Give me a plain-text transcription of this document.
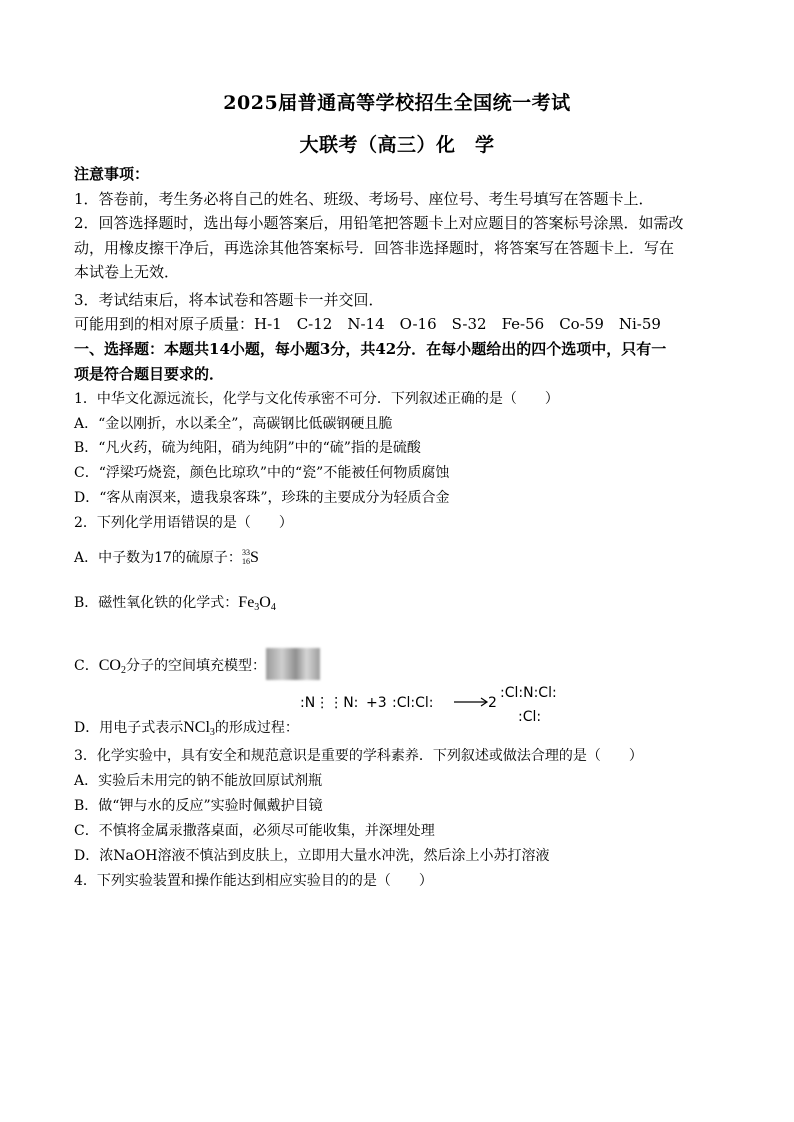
2025届普通高等学校招生全国统一考试
大联考（高三）化　学
注意事项：
1．答卷前，考生务必将自己的姓名、班级、考场号、座位号、考生号填写在答题卡上．
2．回答选择题时，选出每小题答案后，用铅笔把答题卡上对应题目的答案标号涂黑．如需改
动，用橡皮擦干净后，再选涂其他答案标号．回答非选择题时，将答案写在答题卡上．写在
本试卷上无效．
3．考试结束后，将本试卷和答题卡一并交回．
可能用到的相对原子质量：H-1　C-12　N-14　O-16　S-32　Fe-56　Co-59　Ni-59
一、选择题：本题共14小题，每小题3分，共42分．在每小题给出的四个选项中，只有一
项是符合题目要求的．
1．中华文化源远流长，化学与文化传承密不可分．下列叙述正确的是（　　）
A．“金以刚折，水以柔全”，高碳钢比低碳钢硬且脆
B．“凡火药，硫为纯阳，硝为纯阴”中的“硫”指的是硫酸
C．“浮梁巧烧瓷，颜色比琼玖”中的“瓷”不能被任何物质腐蚀
D．“客从南溟来，遗我泉客珠”，珍珠的主要成分为轻质合金
2．下列化学用语错误的是（　　）
A．中子数为17的硫原子：33
16S
B．磁性氧化铁的化学式：$Fe_3O_4$
C．$CO_2$分子的空间填充模型：
:N⋮⋮N: +3 :Cl:Cl:	2
:Cl:N:Cl:
:Cl:
D．用电子式表示NCl$_3$的形成过程：
3．化学实验中，具有安全和规范意识是重要的学科素养．下列叙述或做法合理的是（　　）
A．实验后未用完的钠不能放回原试剂瓶
B．做“钾与水的反应”实验时佩戴护目镜
C．不慎将金属汞撒落桌面，必须尽可能收集，并深埋处理
D．浓NaOH溶液不慎沾到皮肤上，立即用大量水冲洗，然后涂上小苏打溶液
4．下列实验装置和操作能达到相应实验目的的是（　　）
